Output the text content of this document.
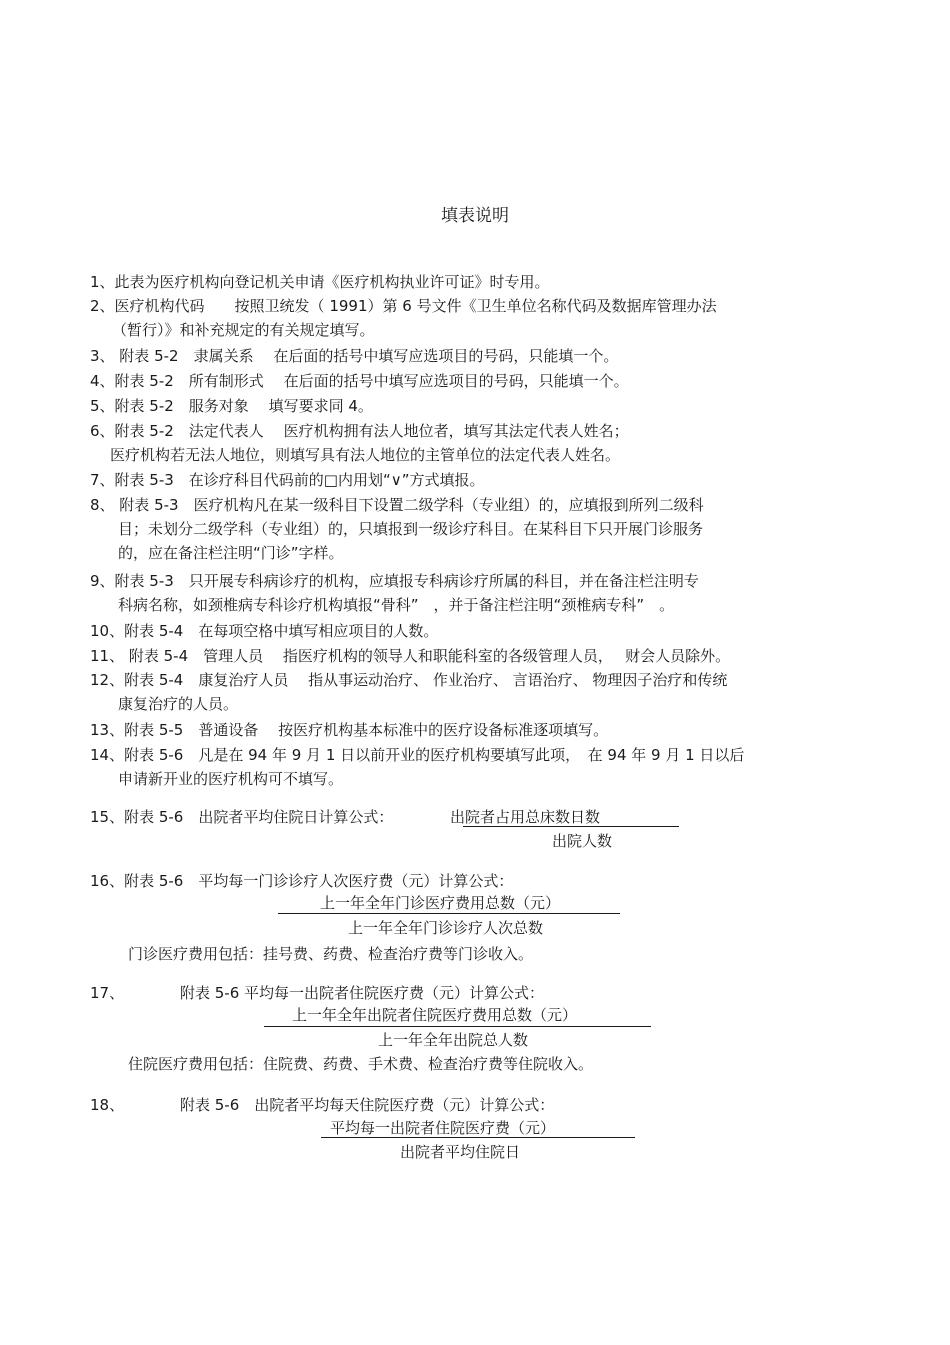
填表说明
1、此表为医疗机构向登记机关申请《医疗机构执业许可证》时专用。
2、医疗机构代码　　按照卫统发（ 1991）第 6 号文件《卫生单位名称代码及数据库管理办法
（暂行）》和补充规定的有关规定填写。
3、 附表 5-2　隶属关系　 在后面的括号中填写应选项目的号码，只能填一个。
4、附表 5-2　所有制形式　 在后面的括号中填写应选项目的号码，只能填一个。
5、附表 5-2　服务对象　 填写要求同 4。
6、附表 5-2　法定代表人　 医疗机构拥有法人地位者，填写其法定代表人姓名；
医疗机构若无法人地位，则填写具有法人地位的主管单位的法定代表人姓名。
7、附表 5-3　在诊疗科目代码前的□内用划“∨”方式填报。
8、 附表 5-3　医疗机构凡在某一级科目下设置二级学科（专业组）的，应填报到所列二级科
目；未划分二级学科（专业组）的，只填报到一级诊疗科目。在某科目下只开展门诊服务
的，应在备注栏注明“门诊”字样。
9、附表 5-3　只开展专科病诊疗的机构，应填报专科病诊疗所属的科目，并在备注栏注明专
科病名称，如颈椎病专科诊疗机构填报“骨科”　，并于备注栏注明“颈椎病专科”　。
10、附表 5-4　在每项空格中填写相应项目的人数。
11、 附表 5-4　管理人员　 指医疗机构的领导人和职能科室的各级管理人员，　 财会人员除外。
12、附表 5-4　康复治疗人员　 指从事运动治疗、 作业治疗、 言语治疗、 物理因子治疗和传统
康复治疗的人员。
13、附表 5-5　普通设备　 按医疗机构基本标准中的医疗设备标准逐项填写。
14、附表 5-6　凡是在 94 年 9 月 1 日以前开业的医疗机构要填写此项，　在 94 年 9 月 1 日以后
申请新开业的医疗机构可不填写。
15、附表 5-6　出院者平均住院日计算公式：	出院者占用总床数日数
出院人数
16、附表 5-6　平均每一门诊诊疗人次医疗费（元）计算公式：
上一年全年门诊医疗费用总数（元）
上一年全年门诊诊疗人次总数
门诊医疗费用包括：挂号费、药费、检查治疗费等门诊收入。
17、	附表 5-6 平均每一出院者住院医疗费（元）计算公式：
上一年全年出院者住院医疗费用总数（元）
上一年全年出院总人数
住院医疗费用包括：住院费、药费、手术费、检查治疗费等住院收入。
18、	附表 5-6　出院者平均每天住院医疗费（元）计算公式：
平均每一出院者住院医疗费（元）
出院者平均住院日
